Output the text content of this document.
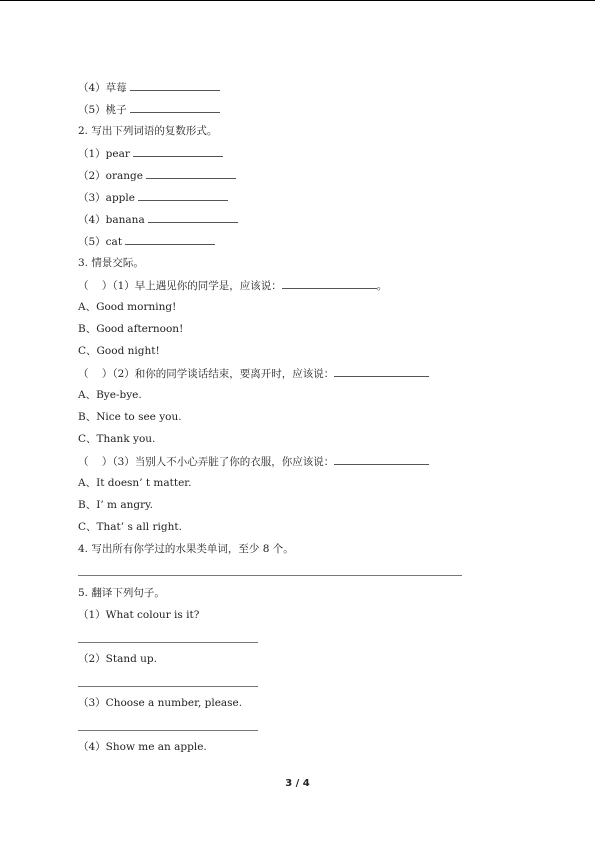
（4）草莓
（5）桃子
2. 写出下列词语的复数形式。
（1）pear
（2）orange
（3）apple
（4）banana
（5）cat
3. 情景交际。
（    ）（1）早上遇见你的同学是，应该说：	。
A、Good morning!
B、Good afternoon!
C、Good night!
（    ）（2）和你的同学谈话结束，要离开时，应该说：
A、Bye-bye.
B、Nice to see you.
C、Thank you.
（    ）（3）当别人不小心弄脏了你的衣服，你应该说：
A、It doesn’ t matter.
B、I’ m angry.
C、That’ s all right.
4. 写出所有你学过的水果类单词，至少 8 个。
5. 翻译下列句子。
（1）What colour is it?
（2）Stand up.
（3）Choose a number, please.
（4）Show me an apple.
3 / 4
